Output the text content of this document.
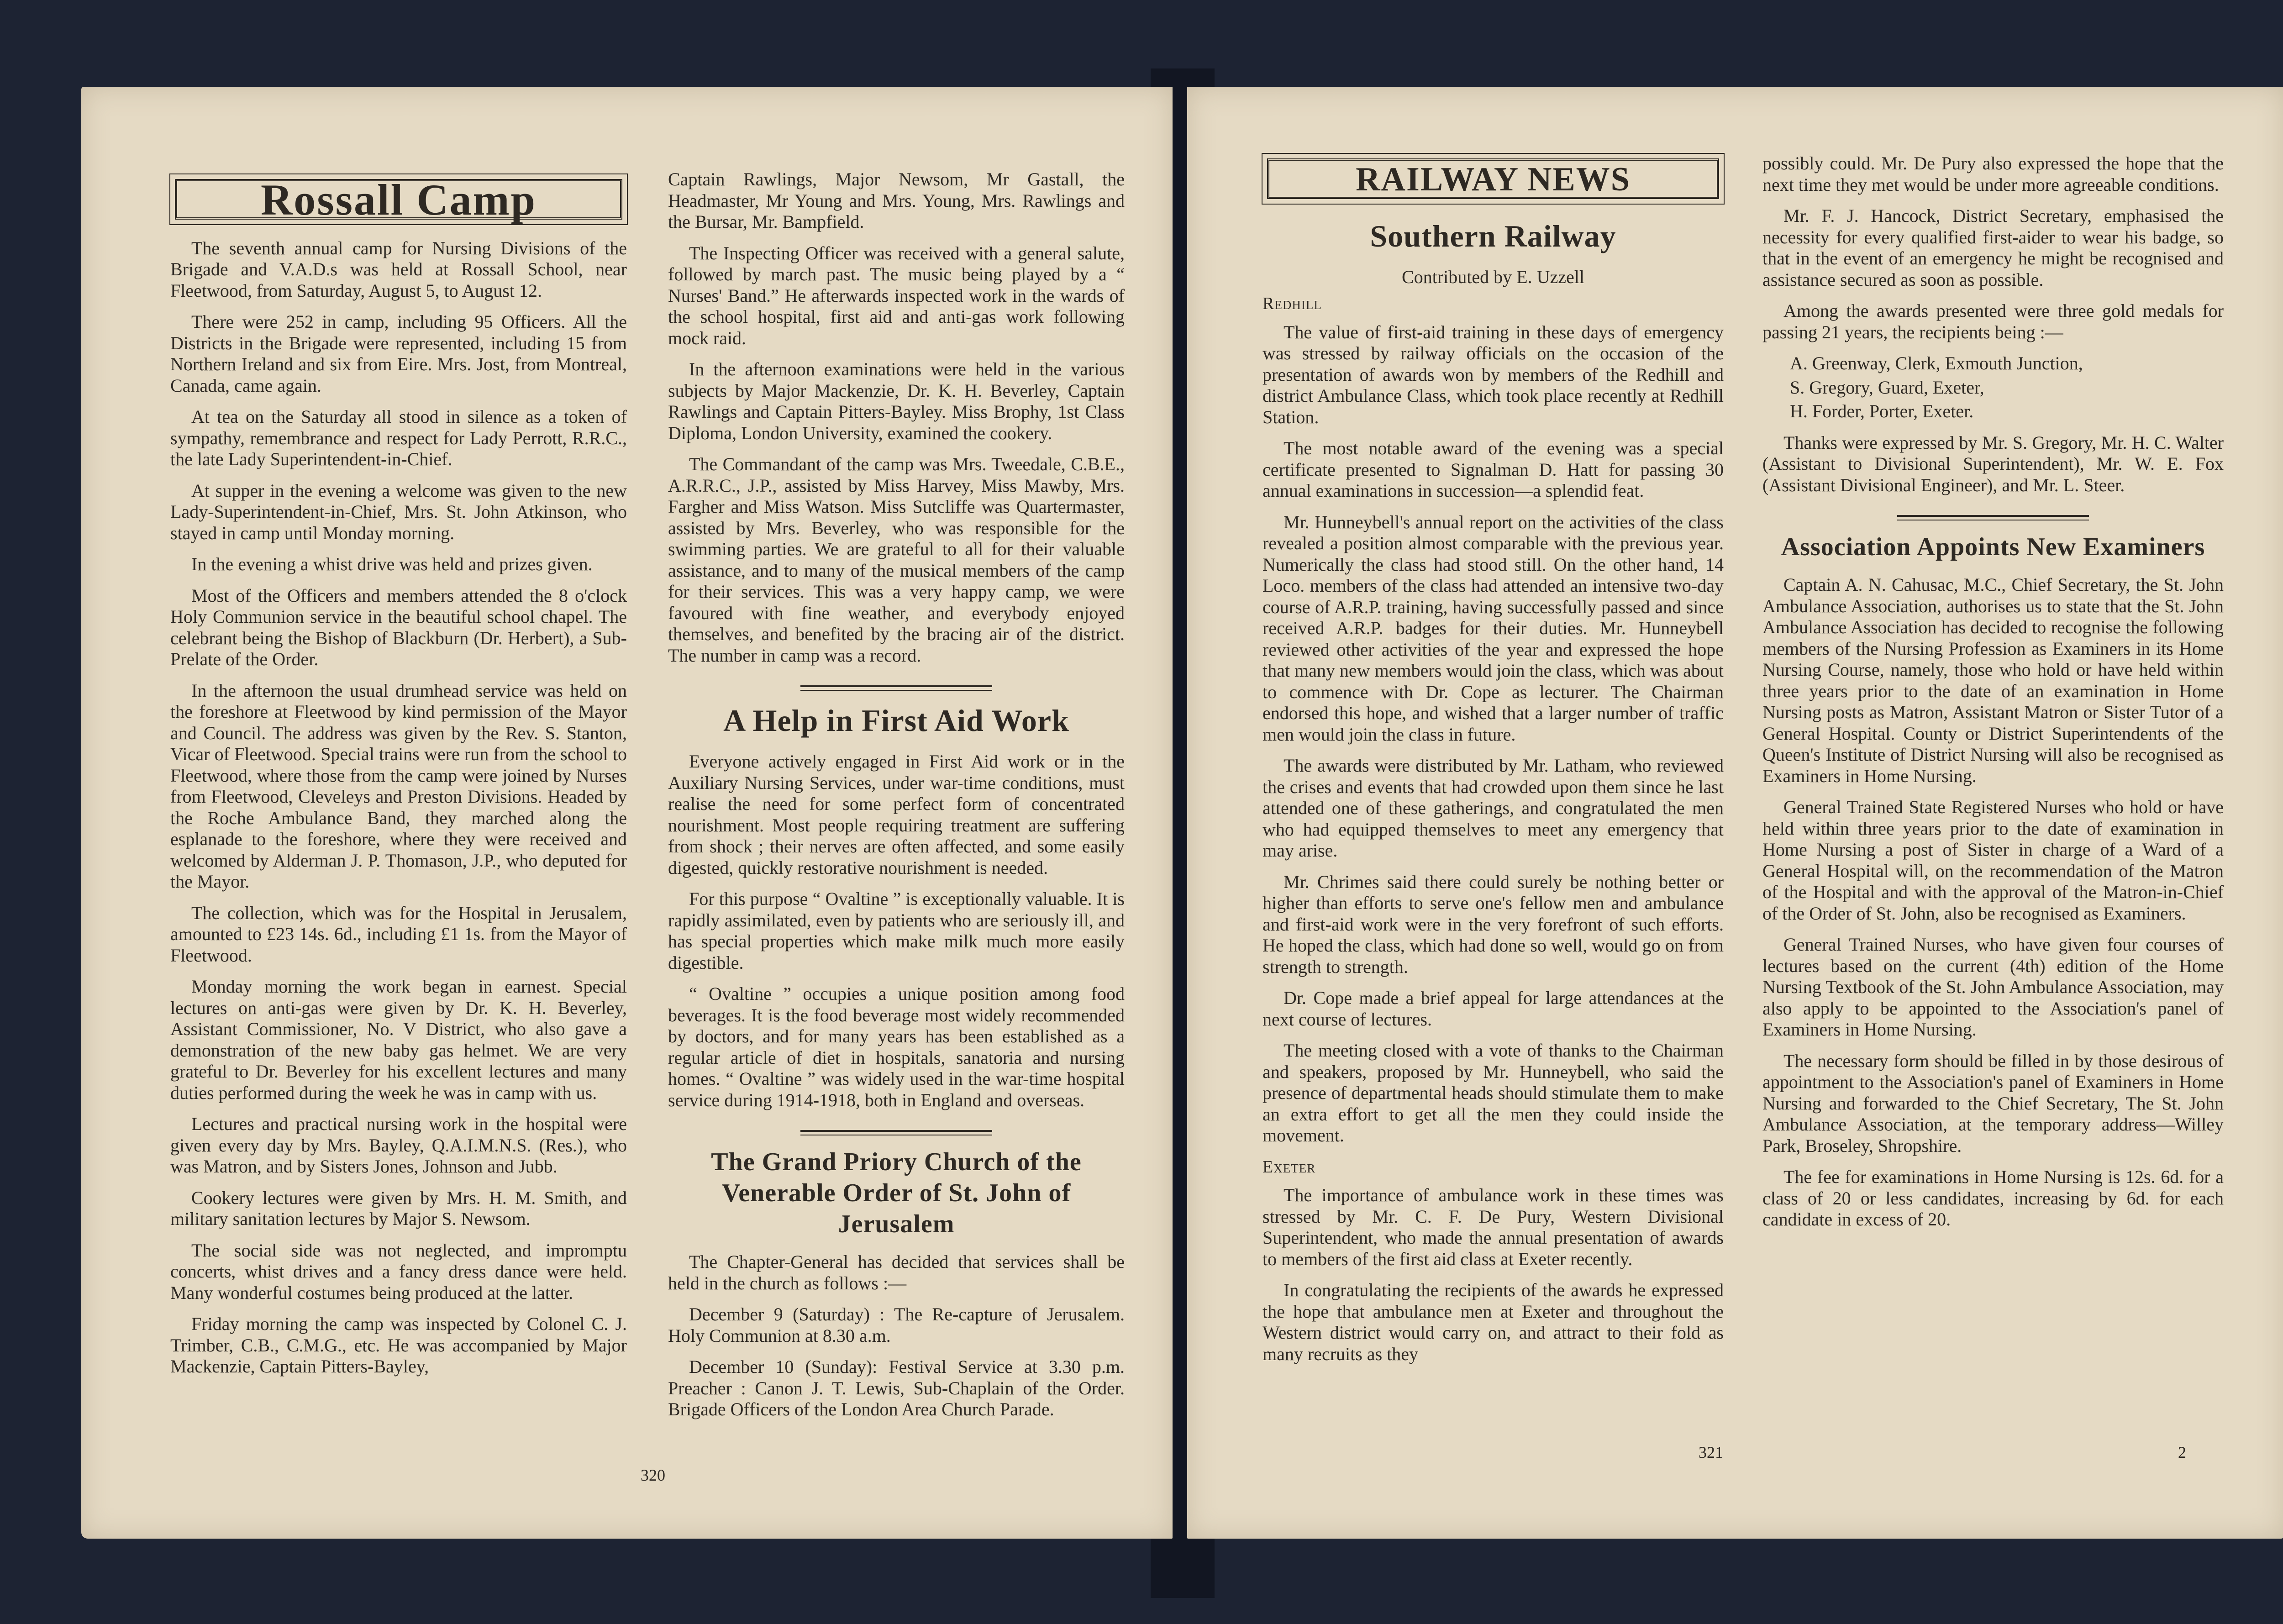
Rossall Camp

The seventh annual camp for Nursing Divisions of the Brigade and V.A.D.s was held at Rossall School, near Fleetwood, from Saturday, August 5, to August 12.

There were 252 in camp, including 95 Officers. All the Districts in the Brigade were represented, including 15 from Northern Ireland and six from Eire. Mrs. Jost, from Montreal, Canada, came again.

At tea on the Saturday all stood in silence as a token of sympathy, remembrance and respect for Lady Perrott, R.R.C., the late Lady Superintendent-in-Chief.

At supper in the evening a welcome was given to the new Lady-Superintendent-in-Chief, Mrs. St. John Atkinson, who stayed in camp until Monday morning.

In the evening a whist drive was held and prizes given.

Most of the Officers and members attended the 8 o'clock Holy Communion service in the beautiful school chapel. The celebrant being the Bishop of Blackburn (Dr. Herbert), a Sub-Prelate of the Order.

In the afternoon the usual drumhead service was held on the foreshore at Fleetwood by kind permission of the Mayor and Council. The address was given by the Rev. S. Stanton, Vicar of Fleetwood. Special trains were run from the school to Fleetwood, where those from the camp were joined by Nurses from Fleetwood, Cleveleys and Preston Divisions. Headed by the Roche Ambulance Band, they marched along the esplanade to the foreshore, where they were received and welcomed by Alderman J. P. Thomason, J.P., who deputed for the Mayor.

The collection, which was for the Hospital in Jerusalem, amounted to £23 14s. 6d., including £1 1s. from the Mayor of Fleetwood.

Monday morning the work began in earnest. Special lectures on anti-gas were given by Dr. K. H. Beverley, Assistant Commissioner, No. V District, who also gave a demonstration of the new baby gas helmet. We are very grateful to Dr. Beverley for his excellent lectures and many duties performed during the week he was in camp with us.

Lectures and practical nursing work in the hospital were given every day by Mrs. Bayley, Q.A.I.M.N.S. (Res.), who was Matron, and by Sisters Jones, Johnson and Jubb.

Cookery lectures were given by Mrs. H. M. Smith, and military sanitation lectures by Major S. Newsom.

The social side was not neglected, and impromptu concerts, whist drives and a fancy dress dance were held. Many wonderful costumes being produced at the latter.

Friday morning the camp was inspected by Colonel C. J. Trimber, C.B., C.M.G., etc. He was accompanied by Major Mackenzie, Captain Pitters-Bayley,

Captain Rawlings, Major Newsom, Mr Gastall, the Headmaster, Mr Young and Mrs. Young, Mrs. Rawlings and the Bursar, Mr. Bampfield.

The Inspecting Officer was received with a general salute, followed by march past. The music being played by a “ Nurses' Band.” He afterwards inspected work in the wards of the school hospital, first aid and anti-gas work following mock raid.

In the afternoon examinations were held in the various subjects by Major Mackenzie, Dr. K. H. Beverley, Captain Rawlings and Captain Pitters-Bayley. Miss Brophy, 1st Class Diploma, London University, examined the cookery.

The Commandant of the camp was Mrs. Tweedale, C.B.E., A.R.R.C., J.P., assisted by Miss Harvey, Miss Mawby, Mrs. Fargher and Miss Watson. Miss Sutcliffe was Quartermaster, assisted by Mrs. Beverley, who was responsible for the swimming parties. We are grateful to all for their valuable assistance, and to many of the musical members of the camp for their services. This was a very happy camp, we were favoured with fine weather, and everybody enjoyed themselves, and benefited by the bracing air of the district. The number in camp was a record.

A Help in First Aid Work

Everyone actively engaged in First Aid work or in the Auxiliary Nursing Services, under war-time conditions, must realise the need for some perfect form of concentrated nourishment. Most people requiring treatment are suffering from shock ; their nerves are often affected, and some easily digested, quickly restorative nourishment is needed.

For this purpose “ Ovaltine ” is exceptionally valuable. It is rapidly assimilated, even by patients who are seriously ill, and has special properties which make milk much more easily digestible.

“ Ovaltine ” occupies a unique position among food beverages. It is the food beverage most widely recommended by doctors, and for many years has been established as a regular article of diet in hospitals, sanatoria and nursing homes. “ Ovaltine ” was widely used in the war-time hospital service during 1914-1918, both in England and overseas.

The Grand Priory Church of the Venerable Order of St. John of Jerusalem

The Chapter-General has decided that services shall be held in the church as follows :—

December 9 (Saturday) : The Re-capture of Jerusalem. Holy Communion at 8.30 a.m.

December 10 (Sunday): Festival Service at 3.30 p.m. Preacher : Canon J. T. Lewis, Sub-Chaplain of the Order. Brigade Officers of the London Area Church Parade.

320
RAILWAY NEWS
Southern Railway
Contributed by E. Uzzell
Redhill

The value of first-aid training in these days of emergency was stressed by railway officials on the occasion of the presentation of awards won by members of the Redhill and district Ambulance Class, which took place recently at Redhill Station.

The most notable award of the evening was a special certificate presented to Signalman D. Hatt for passing 30 annual examinations in succession—a splendid feat.

Mr. Hunneybell's annual report on the activities of the class revealed a position almost comparable with the previous year. Numerically the class had stood still. On the other hand, 14 Loco. members of the class had attended an intensive two-day course of A.R.P. training, having successfully passed and since received A.R.P. badges for their duties. Mr. Hunneybell reviewed other activities of the year and expressed the hope that many new members would join the class, which was about to commence with Dr. Cope as lecturer. The Chairman endorsed this hope, and wished that a larger number of traffic men would join the class in future.

The awards were distributed by Mr. Latham, who reviewed the crises and events that had crowded upon them since he last attended one of these gatherings, and congratulated the men who had equipped themselves to meet any emergency that may arise.

Mr. Chrimes said there could surely be nothing better or higher than efforts to serve one's fellow men and ambulance and first-aid work were in the very forefront of such efforts. He hoped the class, which had done so well, would go on from strength to strength.

Dr. Cope made a brief appeal for large attendances at the next course of lectures.

The meeting closed with a vote of thanks to the Chairman and speakers, proposed by Mr. Hunneybell, who said the presence of departmental heads should stimulate them to make an extra effort to get all the men they could inside the movement.

Exeter

The importance of ambulance work in these times was stressed by Mr. C. F. De Pury, Western Divisional Superintendent, who made the annual presentation of awards to members of the first aid class at Exeter recently.

In congratulating the recipients of the awards he expressed the hope that ambulance men at Exeter and throughout the Western district would carry on, and attract to their fold as many recruits as they

possibly could. Mr. De Pury also expressed the hope that the next time they met would be under more agreeable conditions.

Mr. F. J. Hancock, District Secretary, emphasised the necessity for every qualified first-aider to wear his badge, so that in the event of an emergency he might be recognised and assistance secured as soon as possible.

Among the awards presented were three gold medals for passing 21 years, the recipients being :—

A. Greenway, Clerk, Exmouth Junction,
S. Gregory, Guard, Exeter,
H. Forder, Porter, Exeter.

Thanks were expressed by Mr. S. Gregory, Mr. H. C. Walter (Assistant to Divisional Superintendent), Mr. W. E. Fox (Assistant Divisional Engineer), and Mr. L. Steer.

Association Appoints New Examiners

Captain A. N. Cahusac, M.C., Chief Secretary, the St. John Ambulance Association, authorises us to state that the St. John Ambulance Association has decided to recognise the following members of the Nursing Profession as Examiners in its Home Nursing Course, namely, those who hold or have held within three years prior to the date of an examination in Home Nursing posts as Matron, Assistant Matron or Sister Tutor of a General Hospital. County or District Superintendents of the Queen's Institute of District Nursing will also be recognised as Examiners in Home Nursing.

General Trained State Registered Nurses who hold or have held within three years prior to the date of examination in Home Nursing a post of Sister in charge of a Ward of a General Hospital will, on the recommendation of the Matron of the Hospital and with the approval of the Matron-in-Chief of the Order of St. John, also be recognised as Examiners.

General Trained Nurses, who have given four courses of lectures based on the current (4th) edition of the Home Nursing Textbook of the St. John Ambulance Association, may also apply to be appointed to the Association's panel of Examiners in Home Nursing.

The necessary form should be filled in by those desirous of appointment to the Association's panel of Examiners in Home Nursing and forwarded to the Chief Secretary, The St. John Ambulance Association, at the temporary address—Willey Park, Broseley, Shropshire.

The fee for examinations in Home Nursing is 12s. 6d. for a class of 20 or less candidates, increasing by 6d. for each candidate in excess of 20.

321	2
